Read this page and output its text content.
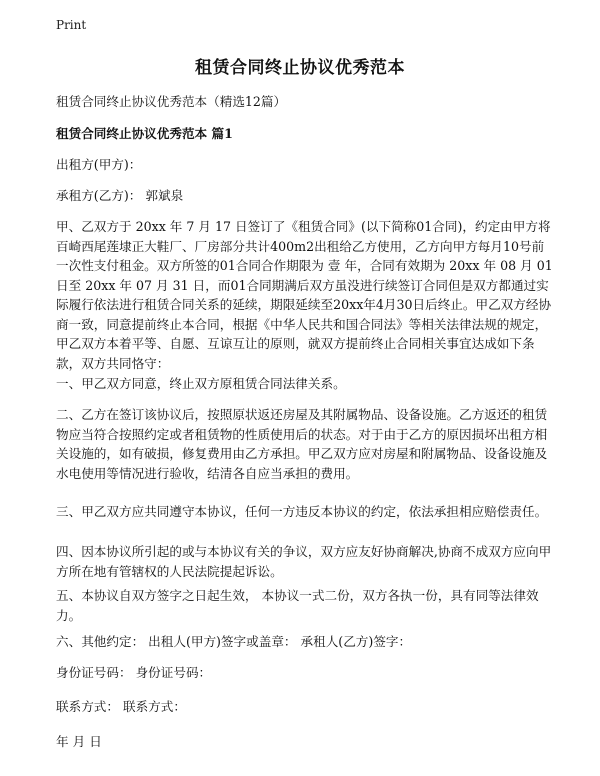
Print
租赁合同终止协议优秀范本

租赁合同终止协议优秀范本（精选12篇）

租赁合同终止协议优秀范本 篇1

出租方(甲方)：

承租方(乙方)： 郭斌泉

甲、乙双方于 20xx 年 7 月 17 日签订了《租赁合同》(以下简称01合同)，约定由甲方将 百崎西尾莲埭正大鞋厂、厂房部分共计400m2出租给乙方使用，乙方向甲方每月10号前一次性支付租金。双方所签的01合同合作期限为 壹 年，合同有效期为 20xx 年 08 月 01 日至 20xx 年 07 月 31 日，而01合同期满后双方虽没进行续签订合同但是双方都通过实际履行依法进行租赁合同关系的延续，期限延续至20xx年4月30日后终止。甲乙双方经协商一致，同意提前终止本合同，根据《中华人民共和国合同法》等相关法律法规的规定，甲乙双方本着平等、自愿、互谅互让的原则，就双方提前终止合同相关事宜达成如下条款，双方共同恪守：

一、甲乙双方同意，终止双方原租赁合同法律关系。

二、乙方在签订该协议后，按照原状返还房屋及其附属物品、设备设施。乙方返还的租赁物应当符合按照约定或者租赁物的性质使用后的状态。对于由于乙方的原因损坏出租方相关设施的，如有破损，修复费用由乙方承担。甲乙双方应对房屋和附属物品、设备设施及水电使用等情况进行验收，结清各自应当承担的费用。

三、甲乙双方应共同遵守本协议，任何一方违反本协议的约定，依法承担相应赔偿责任。

四、因本协议所引起的或与本协议有关的争议，双方应友好协商解决,协商不成双方应向甲方所在地有管辖权的人民法院提起诉讼。

五、本协议自双方签字之日起生效， 本协议一式二份，双方各执一份，具有同等法律效力。

六、其他约定： 出租人(甲方)签字或盖章： 承租人(乙方)签字：

身份证号码： 身份证号码：

联系方式： 联系方式：

年 月 日
